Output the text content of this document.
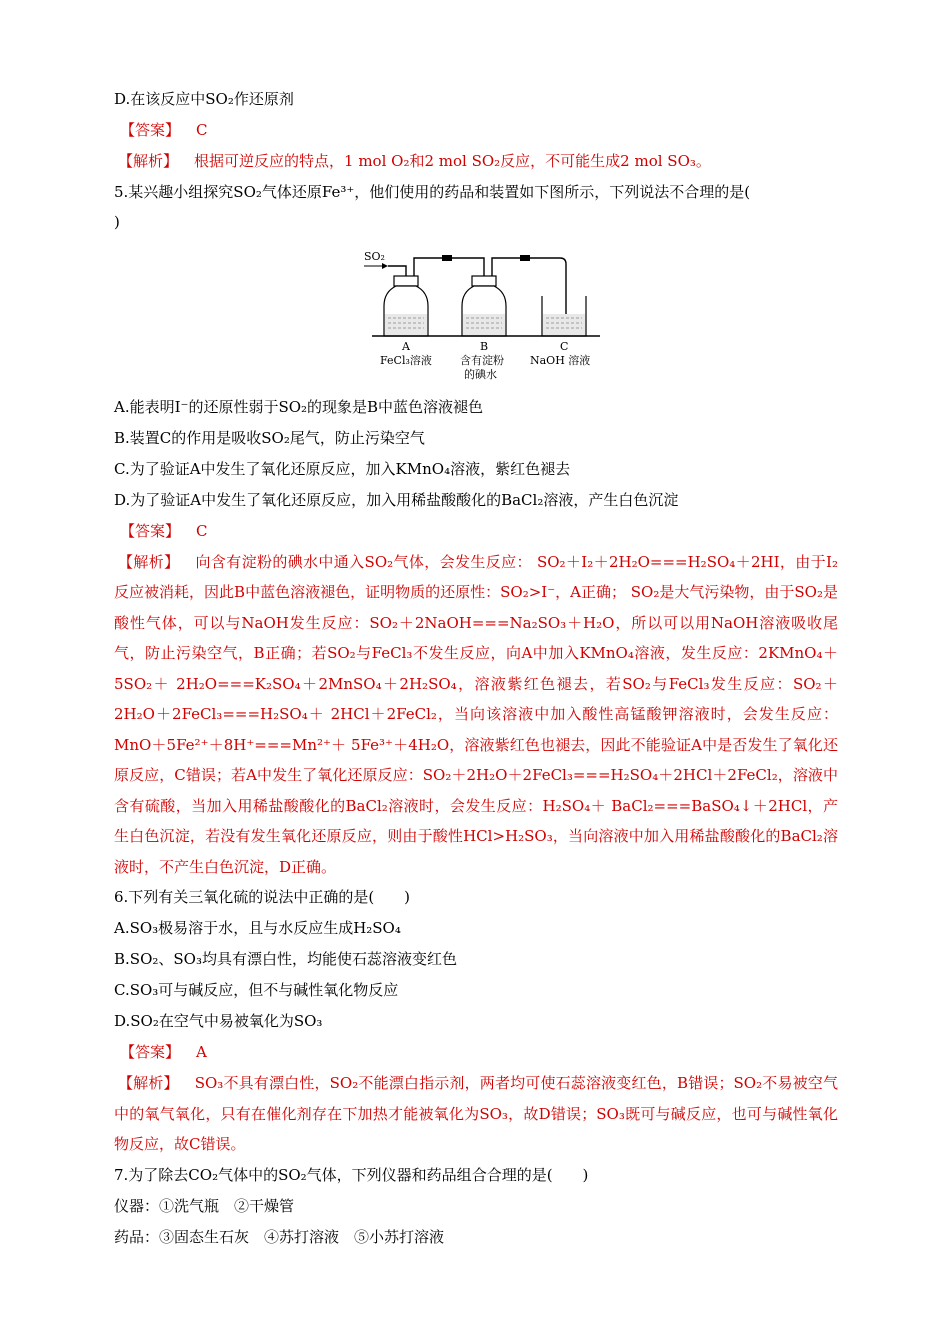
D.在该反应中SO₂作还原剂
【答案】 C
【解析】 根据可逆反应的特点，1 mol O₂和2 mol SO₂反应，不可能生成2 mol SO₃。
5.某兴趣小组探究SO₂气体还原Fe³⁺，他们使用的药品和装置如下图所示，下列说法不合理的是(
)
SO₂
A
FeCl₃溶液
B
含有淀粉
的碘水
C
NaOH 溶液
A.能表明I⁻的还原性弱于SO₂的现象是B中蓝色溶液褪色
B.装置C的作用是吸收SO₂尾气，防止污染空气
C.为了验证A中发生了氧化还原反应，加入KMnO₄溶液，紫红色褪去
D.为了验证A中发生了氧化还原反应，加入用稀盐酸酸化的BaCl₂溶液，产生白色沉淀
【答案】 C
【解析】 向含有淀粉的碘水中通入SO₂气体，会发生反应： SO₂＋I₂＋2H₂O===H₂SO₄＋2HI，由于I₂反应被消耗，因此B中蓝色溶液褪色，证明物质的还原性：SO₂>I⁻，A正确； SO₂是大气污染物，由于SO₂是酸性气体，可以与NaOH发生反应：SO₂＋2NaOH===Na₂SO₃＋H₂O，所以可以用NaOH溶液吸收尾气，防止污染空气，B正确；若SO₂与FeCl₃不发生反应，向A中加入KMnO₄溶液，发生反应：2KMnO₄＋5SO₂＋ 2H₂O===K₂SO₄＋2MnSO₄＋2H₂SO₄，溶液紫红色褪去，若SO₂与FeCl₃发生反应：SO₂＋2H₂O＋2FeCl₃===H₂SO₄＋ 2HCl＋2FeCl₂，当向该溶液中加入酸性高锰酸钾溶液时，会发生反应：MnO＋5Fe²⁺＋8H⁺===Mn²⁺＋ 5Fe³⁺＋4H₂O，溶液紫红色也褪去，因此不能验证A中是否发生了氧化还原反应，C错误；若A中发生了氧化还原反应：SO₂＋2H₂O＋2FeCl₃===H₂SO₄＋2HCl＋2FeCl₂，溶液中含有硫酸，当加入用稀盐酸酸化的BaCl₂溶液时，会发生反应：H₂SO₄＋ BaCl₂===BaSO₄↓＋2HCl，产生白色沉淀，若没有发生氧化还原反应，则由于酸性HCl>H₂SO₃，当向溶液中加入用稀盐酸酸化的BaCl₂溶液时，不产生白色沉淀，D正确。
6.下列有关三氧化硫的说法中正确的是(　　)
A.SO₃极易溶于水，且与水反应生成H₂SO₄
B.SO₂、SO₃均具有漂白性，均能使石蕊溶液变红色
C.SO₃可与碱反应，但不与碱性氧化物反应
D.SO₂在空气中易被氧化为SO₃
【答案】 A
【解析】 SO₃不具有漂白性，SO₂不能漂白指示剂，两者均可使石蕊溶液变红色，B错误；SO₂不易被空气中的氧气氧化，只有在催化剂存在下加热才能被氧化为SO₃，故D错误；SO₃既可与碱反应，也可与碱性氧化物反应，故C错误。
7.为了除去CO₂气体中的SO₂气体，下列仪器和药品组合合理的是(　　)
仪器：①洗气瓶　②干燥管
药品：③固态生石灰　④苏打溶液　⑤小苏打溶液
